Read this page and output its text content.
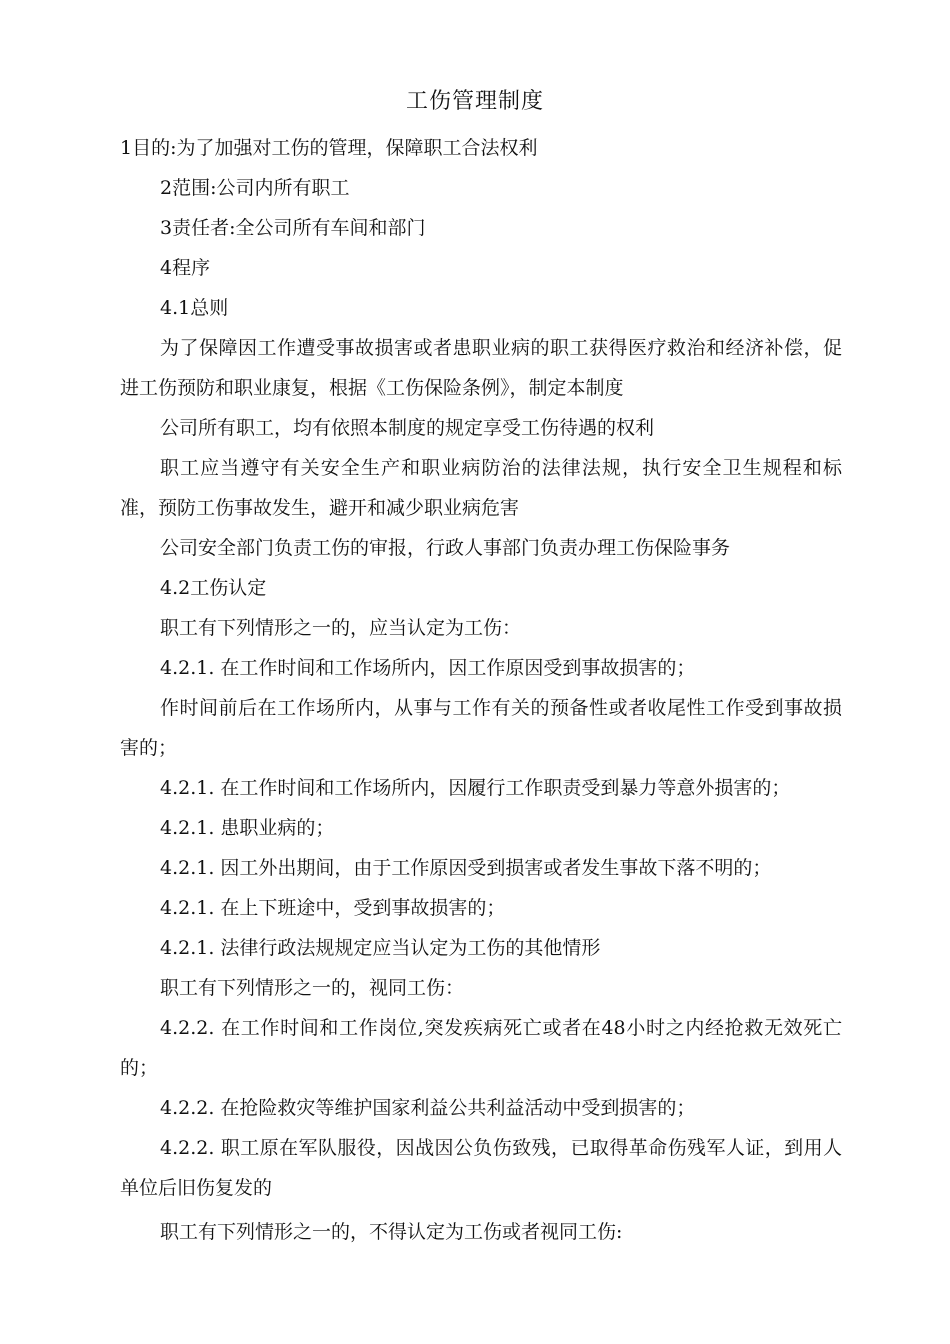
工伤管理制度

1目的:为了加强对工伤的管理，保障职工合法权利

2范围:公司内所有职工

3责任者:全公司所有车间和部门

4程序

4.1总则

为了保障因工作遭受事故损害或者患职业病的职工获得医疗救治和经济补偿，促进工伤预防和职业康复，根据《工伤保险条例》，制定本制度

公司所有职工，均有依照本制度的规定享受工伤待遇的权利

职工应当遵守有关安全生产和职业病防治的法律法规，执行安全卫生规程和标准，预防工伤事故发生，避开和减少职业病危害

公司安全部门负责工伤的审报，行政人事部门负责办理工伤保险事务

4.2工伤认定

职工有下列情形之一的，应当认定为工伤：

4.2.1. 在工作时间和工作场所内，因工作原因受到事故损害的；

作时间前后在工作场所内，从事与工作有关的预备性或者收尾性工作受到事故损害的；

4.2.1. 在工作时间和工作场所内，因履行工作职责受到暴力等意外损害的；

4.2.1. 患职业病的；

4.2.1. 因工外出期间，由于工作原因受到损害或者发生事故下落不明的；

4.2.1. 在上下班途中，受到事故损害的；

4.2.1. 法律行政法规规定应当认定为工伤的其他情形

职工有下列情形之一的，视同工伤：

4.2.2. 在工作时间和工作岗位,突发疾病死亡或者在48小时之内经抢救无效死亡的；

4.2.2. 在抢险救灾等维护国家利益公共利益活动中受到损害的；

4.2.2. 职工原在军队服役，因战因公负伤致残，已取得革命伤残军人证，到用人单位后旧伤复发的

职工有下列情形之一的，不得认定为工伤或者视同工伤:
